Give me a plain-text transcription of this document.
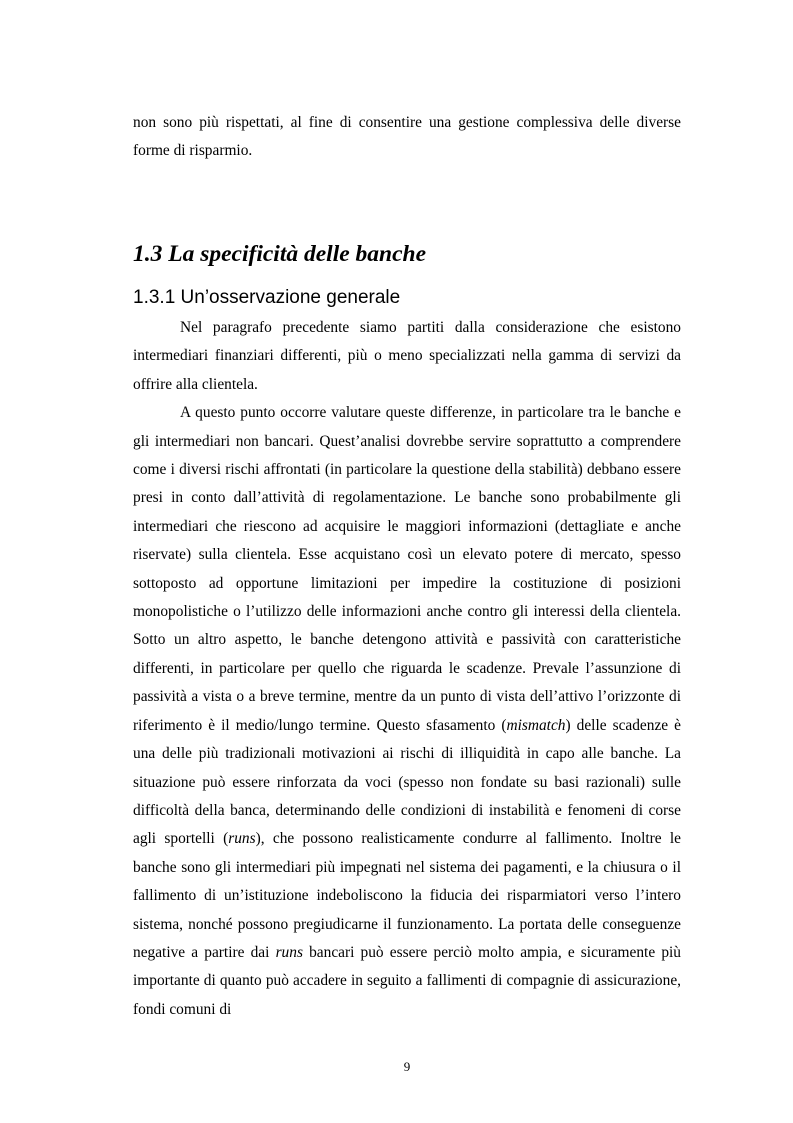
non sono più rispettati, al fine di consentire una gestione complessiva delle diverse forme di risparmio.

1.3 La specificità delle banche
1.3.1 Un’osservazione generale

Nel paragrafo precedente siamo partiti dalla considerazione che esistono intermediari finanziari differenti, più o meno specializzati nella gamma di servizi da offrire alla clientela.

A questo punto occorre valutare queste differenze, in particolare tra le banche e gli intermediari non bancari. Quest’analisi dovrebbe servire soprattutto a comprendere come i diversi rischi affrontati (in particolare la questione della stabilità) debbano essere presi in conto dall’attività di regolamentazione. Le banche sono probabilmente gli intermediari che riescono ad acquisire le maggiori informazioni (dettagliate e anche riservate) sulla clientela. Esse acquistano così un elevato potere di mercato, spesso sottoposto ad opportune limitazioni per impedire la costituzione di posizioni monopolistiche o l’utilizzo delle informazioni anche contro gli interessi della clientela. Sotto un altro aspetto, le banche detengono attività e passività con caratteristiche differenti, in particolare per quello che riguarda le scadenze. Prevale l’assunzione di passività a vista o a breve termine, mentre da un punto di vista dell’attivo l’orizzonte di riferimento è il medio/lungo termine. Questo sfasamento (mismatch) delle scadenze è una delle più tradizionali motivazioni ai rischi di illiquidità in capo alle banche. La situazione può essere rinforzata da voci (spesso non fondate su basi razionali) sulle difficoltà della banca, determinando delle condizioni di instabilità e fenomeni di corse agli sportelli (runs), che possono realisticamente condurre al fallimento. Inoltre le banche sono gli intermediari più impegnati nel sistema dei pagamenti, e la chiusura o il fallimento di un’istituzione indeboliscono la fiducia dei risparmiatori verso l’intero sistema, nonché possono pregiudicarne il funzionamento. La portata delle conseguenze negative a partire dai runs bancari può essere perciò molto ampia, e sicuramente più importante di quanto può accadere in seguito a fallimenti di compagnie di assicurazione, fondi comuni di

9
